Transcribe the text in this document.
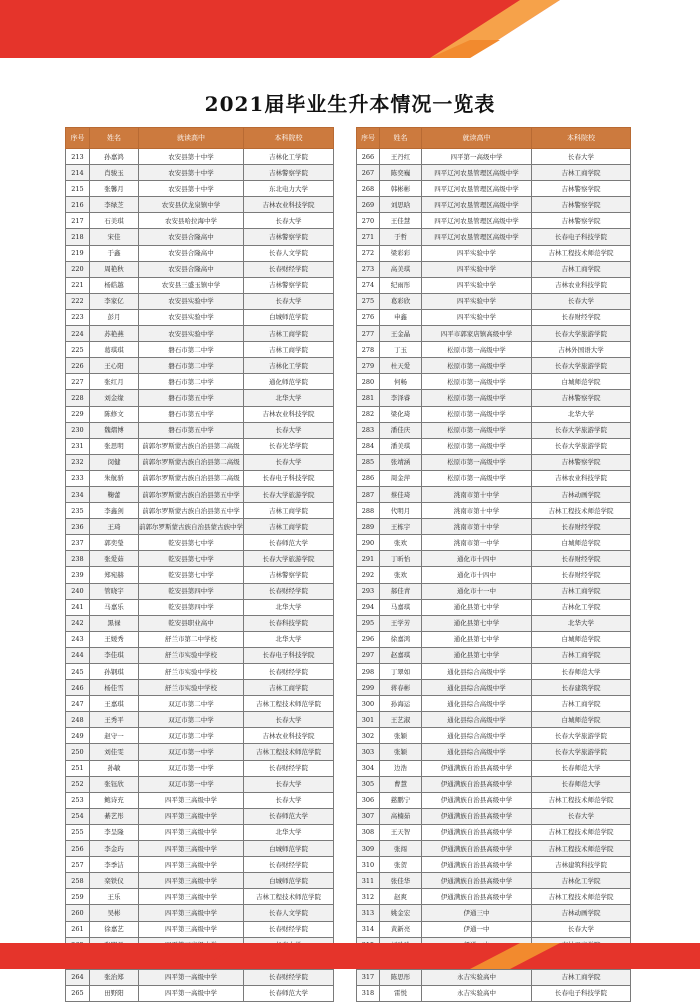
2021届毕业生升本情况一览表
序号	姓名	就读高中	本科院校
213	孙嘉鸿	农安县第十中学	吉林化工学院
214	肖骏玉	农安县第十中学	吉林警察学院
215	张馨月	农安县第十中学	东北电力大学
216	李绿芝	农安县伏龙泉镇中学	吉林农业科技学院
217	石美琪	农安县哈拉海中学	长春大学
218	宋佳	农安县合隆高中	吉林警察学院
219	于鑫	农安县合隆高中	长春人文学院
220	周艳秋	农安县合隆高中	长春财经学院
221	杨皓越	农安县三盛玉镇中学	吉林警察学院
222	李家亿	农安县实验中学	长春大学
223	彭月	农安县实验中学	白城师范学院
224	苏艳燕	农安县实验中学	吉林工商学院
225	葛琪琪	磐石市第二中学	吉林工商学院
226	王心阳	磐石市第二中学	吉林化工学院
227	张红月	磐石市第二中学	通化师范学院
228	刘金缘	磐石市第五中学	北华大学
229	陈修文	磐石市第五中学	吉林农业科技学院
230	魏熠博	磐石市第五中学	长春大学
231	张思明	前郭尔罗斯蒙古族自治县第二高级	长春光华学院
232	闵健	前郭尔罗斯蒙古族自治县第二高级	长春大学
233	朱航骄	前郭尔罗斯蒙古族自治县第二高级	长春电子科技学院
234	鞠蕾	前郭尔罗斯蒙古族自治县第五中学	长春大学旅游学院
235	李鑫剑	前郭尔罗斯蒙古族自治县第五中学	吉林工商学院
236	王琦	前郭尔罗斯蒙古族自治县蒙古族中学	吉林工商学院
237	郭奕瑩	乾安县第七中学	长春师范大学
238	张爱茹	乾安县第七中学	长春大学旅游学院
239	郑宛赫	乾安县第七中学	吉林警察学院
240	管晓宇	乾安县第四中学	长春财经学院
241	马嘉乐	乾安县第四中学	北华大学
242	黑禄	乾安县职业高中	长春科技学院
243	王媛秀	舒兰市第二中学校	北华大学
244	李佳琪	舒兰市实验中学校	长春电子科技学院
245	孙钢琪	舒兰市实验中学校	长春财经学院
246	杨佳雪	舒兰市实验中学校	吉林工商学院
247	王嘉琪	双辽市第二中学	吉林工程技术师范学院
248	王秀平	双辽市第二中学	长春大学
249	赵守一	双辽市第二中学	吉林农业科技学院
250	刘佳雯	双辽市第一中学	吉林工程技术师范学院
251	孙敏	双辽市第一中学	长春财经学院
252	张钰欣	双辽市第一中学	长春大学
253	鲍诗充	四平第三高级中学	长春大学
254	綦艺彤	四平第三高级中学	长春师范大学
255	李呈隆	四平第三高级中学	北华大学
256	李金玙	四平第三高级中学	白城师范学院
257	李季洁	四平第三高级中学	长春财经学院
258	栾铁仪	四平第三高级中学	白城师范学院
259	王乐	四平第三高级中学	吉林工程技术师范学院
260	吴彬	四平第三高级中学	长春人文学院
261	徐嘉艺	四平第三高级中学	长春财经学院

264	张治郑	四平第一高级中学	长春财经学院
265	田野阳	四平第一高级中学	长春师范大学
序号	姓名	就读高中	本科院校
266	王丹红	四平第一高级中学	长春大学
267	陈奕巍	四平辽河农垦管理区高级中学	吉林工商学院
268	韩彬彬	四平辽河农垦管理区高级中学	吉林警察学院
269	刘思晗	四平辽河农垦管理区高级中学	吉林警察学院
270	王佳慧	四平辽河农垦管理区高级中学	吉林警察学院
271	于哲	四平辽河农垦管理区高级中学	长春电子科技学院
272	梁彩彩	四平实验中学	吉林工程技术师范学院
273	高美琪	四平实验中学	吉林工商学院
274	纪雨彤	四平实验中学	吉林农业科技学院
275	葛彩欣	四平实验中学	长春大学
276	申鑫	四平实验中学	长春财经学院
277	王金晶	四平市郭家店镇高级中学	长春大学旅游学院
278	丁玉	松原市第一高级中学	吉林外国语大学
279	杜天爱	松原市第一高级中学	长春大学旅游学院
280	何畅	松原市第一高级中学	白城师范学院
281	李泽睿	松原市第一高级中学	吉林警察学院
282	梁化琦	松原市第一高级中学	北华大学
283	潘佳庆	松原市第一高级中学	长春大学旅游学院
284	潘美琪	松原市第一高级中学	长春大学旅游学院
285	张靖涵	松原市第一高级中学	吉林警察学院
286	周金萍	松原市第一高级中学	吉林农业科技学院
287	蔡佳琦	洮南市第十中学	吉林动画学院
288	代明月	洮南市第十中学	吉林工程技术师范学院
289	王栋宇	洮南市第十中学	长春财经学院
290	张欢	洮南市第一中学	白城师范学院
291	丁昕怡	通化市十四中	长春财经学院
292	张欢	通化市十四中	长春财经学院
293	郝佳青	通化市十一中	吉林工商学院
294	马嘉琪	通化县第七中学	吉林化工学院
295	王学芳	通化县第七中学	北华大学
296	徐嘉鸿	通化县第七中学	白城师范学院
297	赵嘉琪	通化县第七中学	吉林工商学院
298	丁翠如	通化县综合高级中学	长春师范大学
299	蒋春彬	通化县综合高级中学	长春建筑学院
300	孙海运	通化县综合高级中学	吉林工商学院
301	王艺淑	通化县综合高级中学	白城师范学院
302	张颖	通化县综合高级中学	长春大学旅游学院
303	张颖	通化县综合高级中学	长春大学旅游学院
304	边浩	伊通满族自治县高级中学	长春师范大学
305	曹慧	伊通满族自治县高级中学	长春师范大学
306	慈鹏宁	伊通满族自治县高级中学	吉林工程技术师范学院
307	高楠茹	伊通满族自治县高级中学	长春大学
308	王天智	伊通满族自治县高级中学	吉林工程技术师范学院
309	张闯	伊通满族自治县高级中学	吉林工程技术师范学院
310	张贺	伊通满族自治县高级中学	吉林建筑科技学院
311	张佳华	伊通满族自治县高级中学	吉林化工学院
312	赵爽	伊通满族自治县高级中学	吉林工程技术师范学院
313	姚金宏	伊通三中	吉林动画学院
314	黄新亮	伊通一中	长春大学

317	陈思彤	永吉实验高中	吉林工商学院
318	雷悦	永吉实验高中	长春电子科技学院
